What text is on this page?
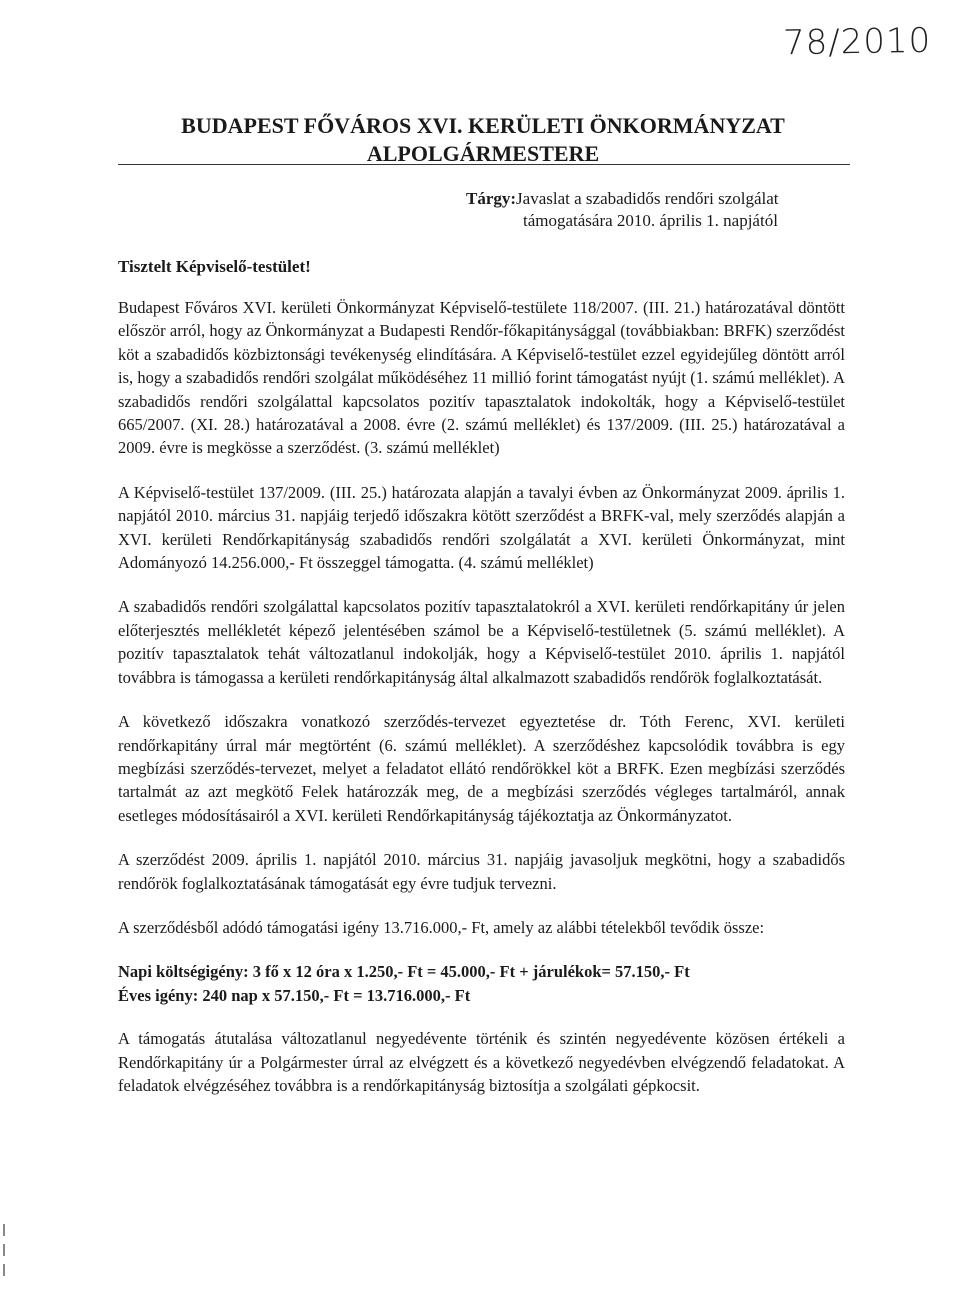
78/2010
BUDAPEST FŐVÁROS XVI. KERÜLETI ÖNKORMÁNYZAT
ALPOLGÁRMESTERE
Tárgy:Javaslat a szabadidős rendőri szolgálat
támogatására 2010. április 1. napjától
Tisztelt Képviselő-testület!

Budapest Főváros XVI. kerületi Önkormányzat Képviselő-testülete 118/2007. (III. 21.) határozatával döntött először arról, hogy az Önkormányzat a Budapesti Rendőr-főkapitánysággal (továbbiakban: BRFK) szerződést köt a szabadidős közbiztonsági tevékenység elindítására. A Képviselő-testület ezzel egyidejűleg döntött arról is, hogy a szabadidős rendőri szolgálat működéséhez 11 millió forint támogatást nyújt (1. számú melléklet). A szabadidős rendőri szolgálattal kapcsolatos pozitív tapasztalatok indokolták, hogy a Képviselő-testület 665/2007. (XI. 28.) határozatával a 2008. évre (2. számú melléklet) és 137/2009. (III. 25.) határozatával a 2009. évre is megkösse a szerződést. (3. számú melléklet)

A Képviselő-testület 137/2009. (III. 25.) határozata alapján a tavalyi évben az Önkormányzat 2009. április 1. napjától 2010. március 31. napjáig terjedő időszakra kötött szerződést a BRFK-val, mely szerződés alapján a XVI. kerületi Rendőrkapitányság szabadidős rendőri szolgálatát a XVI. kerületi Önkormányzat, mint Adományozó 14.256.000,- Ft összeggel támogatta. (4. számú melléklet)

A szabadidős rendőri szolgálattal kapcsolatos pozitív tapasztalatokról a XVI. kerületi rendőrkapitány úr jelen előterjesztés mellékletét képező jelentésében számol be a Képviselő-testületnek (5. számú melléklet). A pozitív tapasztalatok tehát változatlanul indokolják, hogy a Képviselő-testület 2010. április 1. napjától továbbra is támogassa a kerületi rendőrkapitányság által alkalmazott szabadidős rendőrök foglalkoztatását.

A következő időszakra vonatkozó szerződés-tervezet egyeztetése dr. Tóth Ferenc, XVI. kerületi rendőrkapitány úrral már megtörtént (6. számú melléklet). A szerződéshez kapcsolódik továbbra is egy megbízási szerződés-tervezet, melyet a feladatot ellátó rendőrökkel köt a BRFK. Ezen megbízási szerződés tartalmát az azt megkötő Felek határozzák meg, de a megbízási szerződés végleges tartalmáról, annak esetleges módosításairól a XVI. kerületi Rendőrkapitányság tájékoztatja az Önkormányzatot.

A szerződést 2009. április 1. napjától 2010. március 31. napjáig javasoljuk megkötni, hogy a szabadidős rendőrök foglalkoztatásának támogatását egy évre tudjuk tervezni.

A szerződésből adódó támogatási igény 13.716.000,- Ft, amely az alábbi tételekből tevődik össze:

Napi költségigény: 3 fő x 12 óra x 1.250,- Ft = 45.000,- Ft + járulékok= 57.150,- Ft
Éves igény: 240 nap x 57.150,- Ft = 13.716.000,- Ft

A támogatás átutalása változatlanul negyedévente történik és szintén negyedévente közösen értékeli a Rendőrkapitány úr a Polgármester úrral az elvégzett és a következő negyedévben elvégzendő feladatokat. A feladatok elvégzéséhez továbbra is a rendőrkapitányság biztosítja a szolgálati gépkocsit.
